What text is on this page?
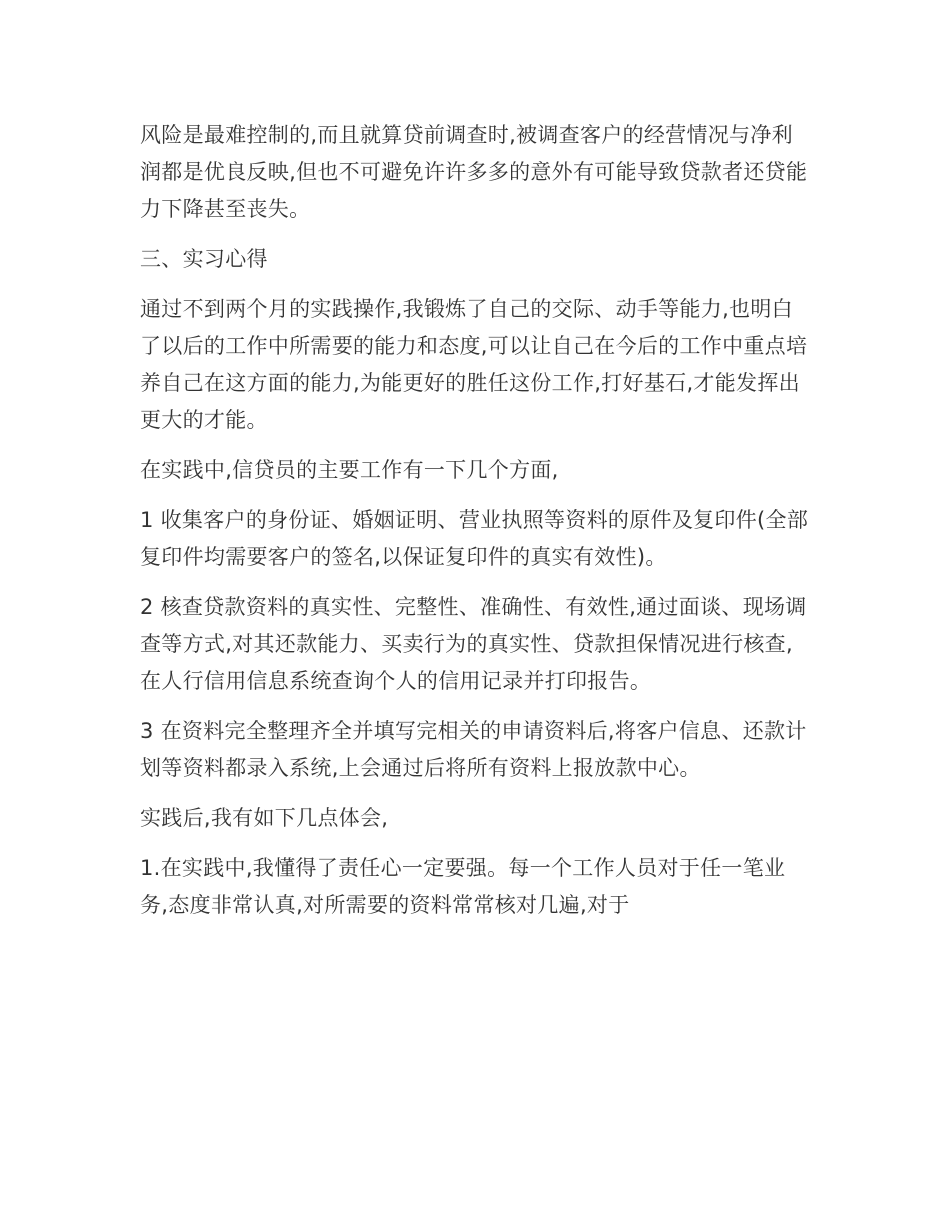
风险是最难控制的,而且就算贷前调查时,被调查客户的经营情况与净利润都是优良反映,但也不可避免许许多多的意外有可能导致贷款者还贷能力下降甚至丧失。

三、实习心得

通过不到两个月的实践操作,我锻炼了自己的交际、动手等能力,也明白了以后的工作中所需要的能力和态度,可以让自己在今后的工作中重点培养自己在这方面的能力,为能更好的胜任这份工作,打好基石,才能发挥出更大的才能。

在实践中,信贷员的主要工作有一下几个方面,

1 收集客户的身份证、婚姻证明、营业执照等资料的原件及复印件(全部复印件均需要客户的签名,以保证复印件的真实有效性)。

2 核查贷款资料的真实性、完整性、准确性、有效性,通过面谈、现场调查等方式,对其还款能力、买卖行为的真实性、贷款担保情况进行核查,在人行信用信息系统查询个人的信用记录并打印报告。

3 在资料完全整理齐全并填写完相关的申请资料后,将客户信息、还款计划等资料都录入系统,上会通过后将所有资料上报放款中心。

实践后,我有如下几点体会,

1.在实践中,我懂得了责任心一定要强。每一个工作人员对于任一笔业务,态度非常认真,对所需要的资料常常核对几遍,对于
